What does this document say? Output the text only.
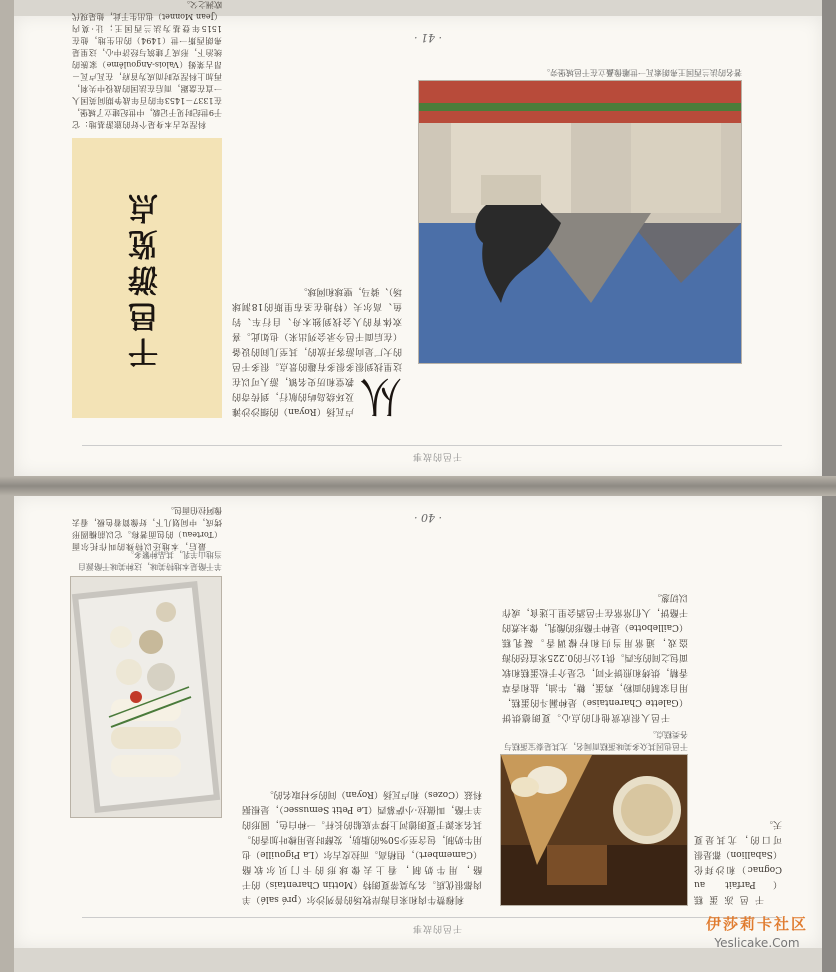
干邑的故事
羊干酪是本地特美味，这种美味干酪源自当地山羊乳，其品种繁多。
干邑也因其众多美味蛋糕而闻名，尤其是泰宝蛋糕与各类糕点。

利穆赞牛肉和来自海岸牧场的普列沙尔（pré salé）羊肉都很优质。名为莫蒂夏朗特（Mottin Charentais）的干酪，用牛奶制，看上去像球形的卡门贝尔软酪（Camembert），但稍高。而拉皮古尔（La Pigouille）也用牛奶制，包含至少50%的脂肪，发酵时是用橡叶加香的。其名来源于夏朗德河上撑平底船的长杆。一种白色，圆形的羊干酪，叫做拉·小萨慕西（Le Petit Semussec），是根据科兹（Cozes）和卢瓦扬（Royan）间的乡村取名的。

干邑冻蛋糕（Parfait au Cognac）和沙拜伦（Saballion）都是很可口的，尤其是夏天。

干邑人很欣赏他们的点心。夏朗德烘饼（Galette Charentaise）是种漏斗的蛋糕，用自家制的面粉，鸡蛋，糖，牛油，盐和香草香精，烘烤和煎饼不同，它是介于松蛋糕和软面包之间的东西。供1公斤的0.225米直径的海盗戏，通常用当归和柠檬调香。凝乳糕（Caillebotte）是种干酪形的酸乳，像未煮的干酪饼，人们常常在干邑酒会里上迷食，或作以切葱。

最后，本地还以特殊的叫作托尔面（Torteau）的包面著称。它以前椭圆形烤成，中间划几下，好像简着色极，看去像阿拉伯面包。

· 40 ·
干邑的故事
著名的法兰西国王弗朗索瓦一世雕像矗立在干邑城堡旁。
干邑游览点
从

卢瓦扬（Royan）的细沙沙滩及环绕岛屿的航行，到传奇的教堂和历史名镇，游人可以在这里找到很多很多有趣的景点。很多干邑的大厂是向游客开放的，其至几间的设备（在后面干邑今录会列出来）也如此。喜欢体育的人会找到独木舟、自行车、钓鱼、高尔夫（特地在圣布里斯的18洞球场）、骑马，壁球和网球。

科涅克古本身是个好的旅游基地：它于9世纪时见于记载，中世纪建立了城堡，在1337－1453年的百年战争期间英国人一直在盘踞，而后在法国的战役中失利，再加上科涅克时而成为首府，在瓦卢瓦－昂古莱姆（Valois-Angoulême）家族的统治下，形成了建筑与经济中心，这里是弗朗西斯一世（1494）的出生地，他在1515年登基为法兰西国王；让·莫内（Jean Monnet）也出生于此，他是现代欧洲之父。

· 41 ·
伊莎莉卡社区
Yeslicake.Com
